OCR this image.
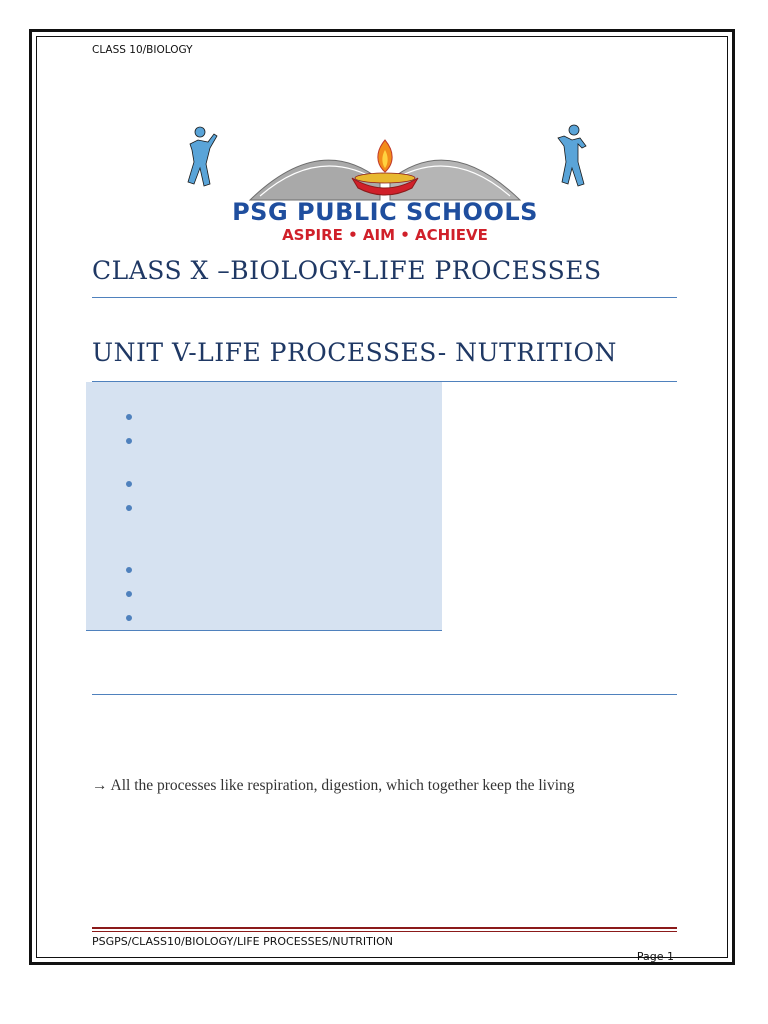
CLASS 10/BIOLOGY
PSG PUBLIC SCHOOLS
ASPIRE • AIM • ACHIEVE
CLASS X –BIOLOGY-LIFE PROCESSES
UNIT V-LIFE PROCESSES- NUTRITION
→ All the processes like respiration, digestion, which together keep the living
PSGPS/CLASS10/BIOLOGY/LIFE PROCESSES/NUTRITION
Page 1
